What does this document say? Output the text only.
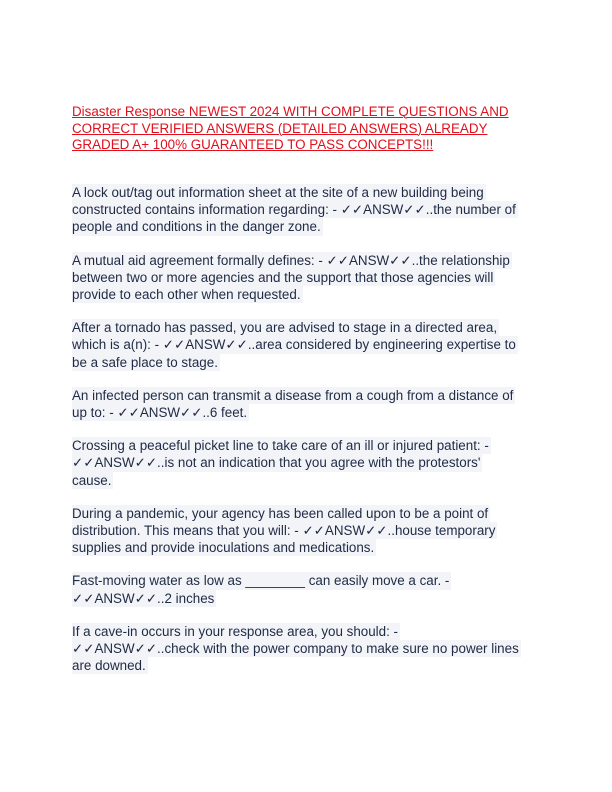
Disaster Response NEWEST 2024 WITH COMPLETE QUESTIONS AND
CORRECT VERIFIED ANSWERS (DETAILED ANSWERS) ALREADY
GRADED A+ 100% GUARANTEED TO PASS CONCEPTS!!!
A lock out/tag out information sheet at the site of a new building being
constructed contains information regarding: - ✓✓ANSW✓✓..the number of
people and conditions in the danger zone.
A mutual aid agreement formally defines: - ✓✓ANSW✓✓..the relationship
between two or more agencies and the support that those agencies will
provide to each other when requested.
After a tornado has passed, you are advised to stage in a directed area,
which is a(n): - ✓✓ANSW✓✓..area considered by engineering expertise to
be a safe place to stage.
An infected person can transmit a disease from a cough from a distance of
up to: - ✓✓ANSW✓✓..6 feet.
Crossing a peaceful picket line to take care of an ill or injured patient: -
✓✓ANSW✓✓..is not an indication that you agree with the protestors'
cause.
During a pandemic, your agency has been called upon to be a point of
distribution. This means that you will: - ✓✓ANSW✓✓..house temporary
supplies and provide inoculations and medications.
Fast-moving water as low as ________ can easily move a car. -
✓✓ANSW✓✓..2 inches
If a cave-in occurs in your response area, you should: -
✓✓ANSW✓✓..check with the power company to make sure no power lines
are downed.
